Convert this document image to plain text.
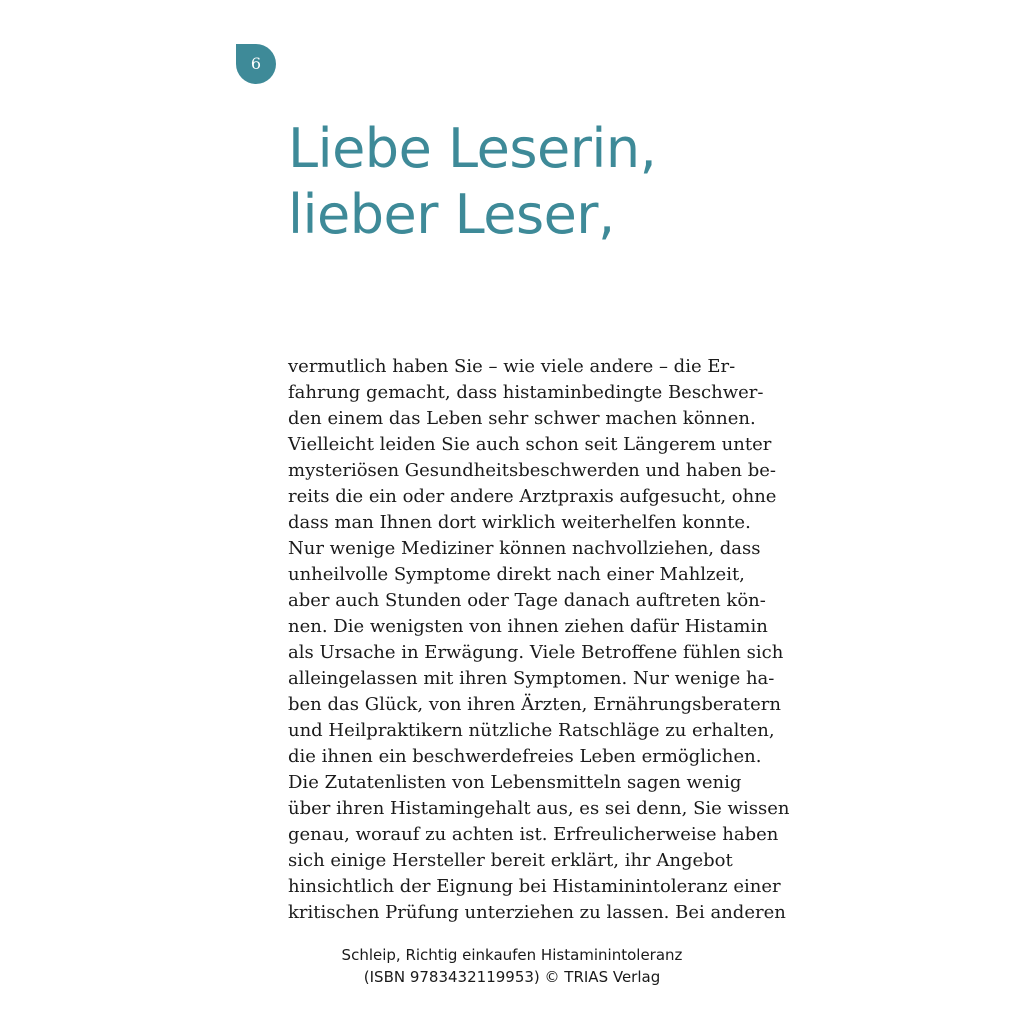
6
Liebe Leserin,
lieber Leser,
vermutlich haben Sie – wie viele andere – die Er-
fahrung gemacht, dass histaminbedingte Beschwer-
den einem das Leben sehr schwer machen können.
Vielleicht leiden Sie auch schon seit Längerem unter
mysteriösen Gesundheitsbeschwerden und haben be-
reits die ein oder andere Arztpraxis aufgesucht, ohne
dass man Ihnen dort wirklich weiterhelfen konnte.
Nur wenige Mediziner können nachvollziehen, dass
unheilvolle Symptome direkt nach einer Mahlzeit,
aber auch Stunden oder Tage danach auftreten kön-
nen. Die wenigsten von ihnen ziehen dafür Histamin
als Ursache in Erwägung. Viele Betroffene fühlen sich
alleingelassen mit ihren Symptomen. Nur wenige ha-
ben das Glück, von ihren Ärzten, Ernährungsberatern
und Heilpraktikern nützliche Ratschläge zu erhalten,
die ihnen ein beschwerdefreies Leben ermöglichen.
Die Zutatenlisten von Lebensmitteln sagen wenig
über ihren Histamingehalt aus, es sei denn, Sie wissen
genau, worauf zu achten ist. Erfreulicherweise haben
sich einige Hersteller bereit erklärt, ihr Angebot
hinsichtlich der Eignung bei Histaminintoleranz einer
kritischen Prüfung unterziehen zu lassen. Bei anderen
Schleip, Richtig einkaufen Histaminintoleranz
(ISBN 9783432119953) © TRIAS Verlag
